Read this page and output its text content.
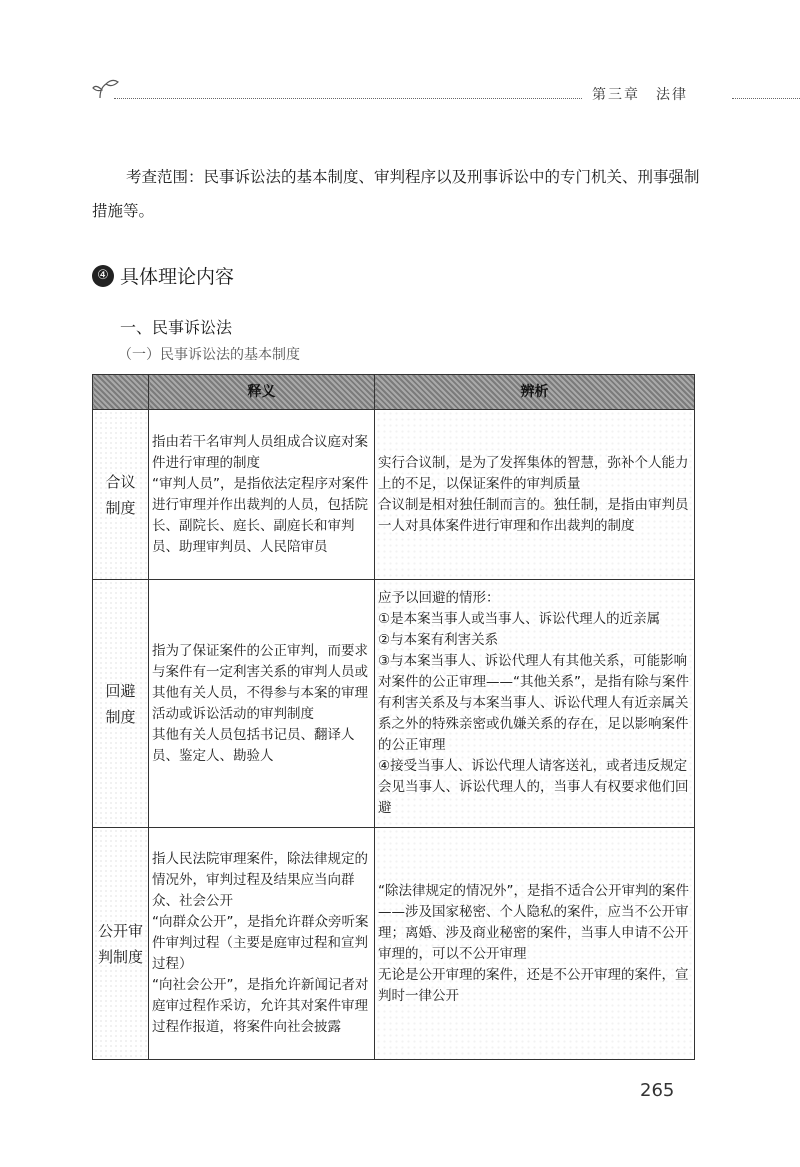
第三章　法律
考查范围：民事诉讼法的基本制度、审判程序以及刑事诉讼中的专门机关、刑事强制措施等。
④ 具体理论内容
一、民事诉讼法
（一）民事诉讼法的基本制度
	释义	辨析

合议
制度	指由若干名审判人员组成合议庭对案件进行审理的制度
“审判人员”，是指依法定程序对案件进行审理并作出裁判的人员，包括院长、副院长、庭长、副庭长和审判员、助理审判员、人民陪审员	实行合议制，是为了发挥集体的智慧，弥补个人能力上的不足，以保证案件的审判质量
合议制是相对独任制而言的。独任制，是指由审判员一人对具体案件进行审理和作出裁判的制度

回避
制度	指为了保证案件的公正审判，而要求与案件有一定利害关系的审判人员或其他有关人员，不得参与本案的审理活动或诉讼活动的审判制度
其他有关人员包括书记员、翻译人员、鉴定人、勘验人	应予以回避的情形：
①是本案当事人或当事人、诉讼代理人的近亲属
②与本案有利害关系
③与本案当事人、诉讼代理人有其他关系，可能影响对案件的公正审理——“其他关系”，是指有除与案件有利害关系及与本案当事人、诉讼代理人有近亲属关系之外的特殊亲密或仇嫌关系的存在，足以影响案件的公正审理
④接受当事人、诉讼代理人请客送礼，或者违反规定会见当事人、诉讼代理人的，当事人有权要求他们回避

公开审
判制度	指人民法院审理案件，除法律规定的情况外，审判过程及结果应当向群众、社会公开
“向群众公开”，是指允许群众旁听案件审判过程（主要是庭审过程和宣判过程）
“向社会公开”，是指允许新闻记者对庭审过程作采访，允许其对案件审理过程作报道，将案件向社会披露	“除法律规定的情况外”，是指不适合公开审判的案件——涉及国家秘密、个人隐私的案件，应当不公开审理；离婚、涉及商业秘密的案件，当事人申请不公开审理的，可以不公开审理
无论是公开审理的案件，还是不公开审理的案件，宣判时一律公开
265
